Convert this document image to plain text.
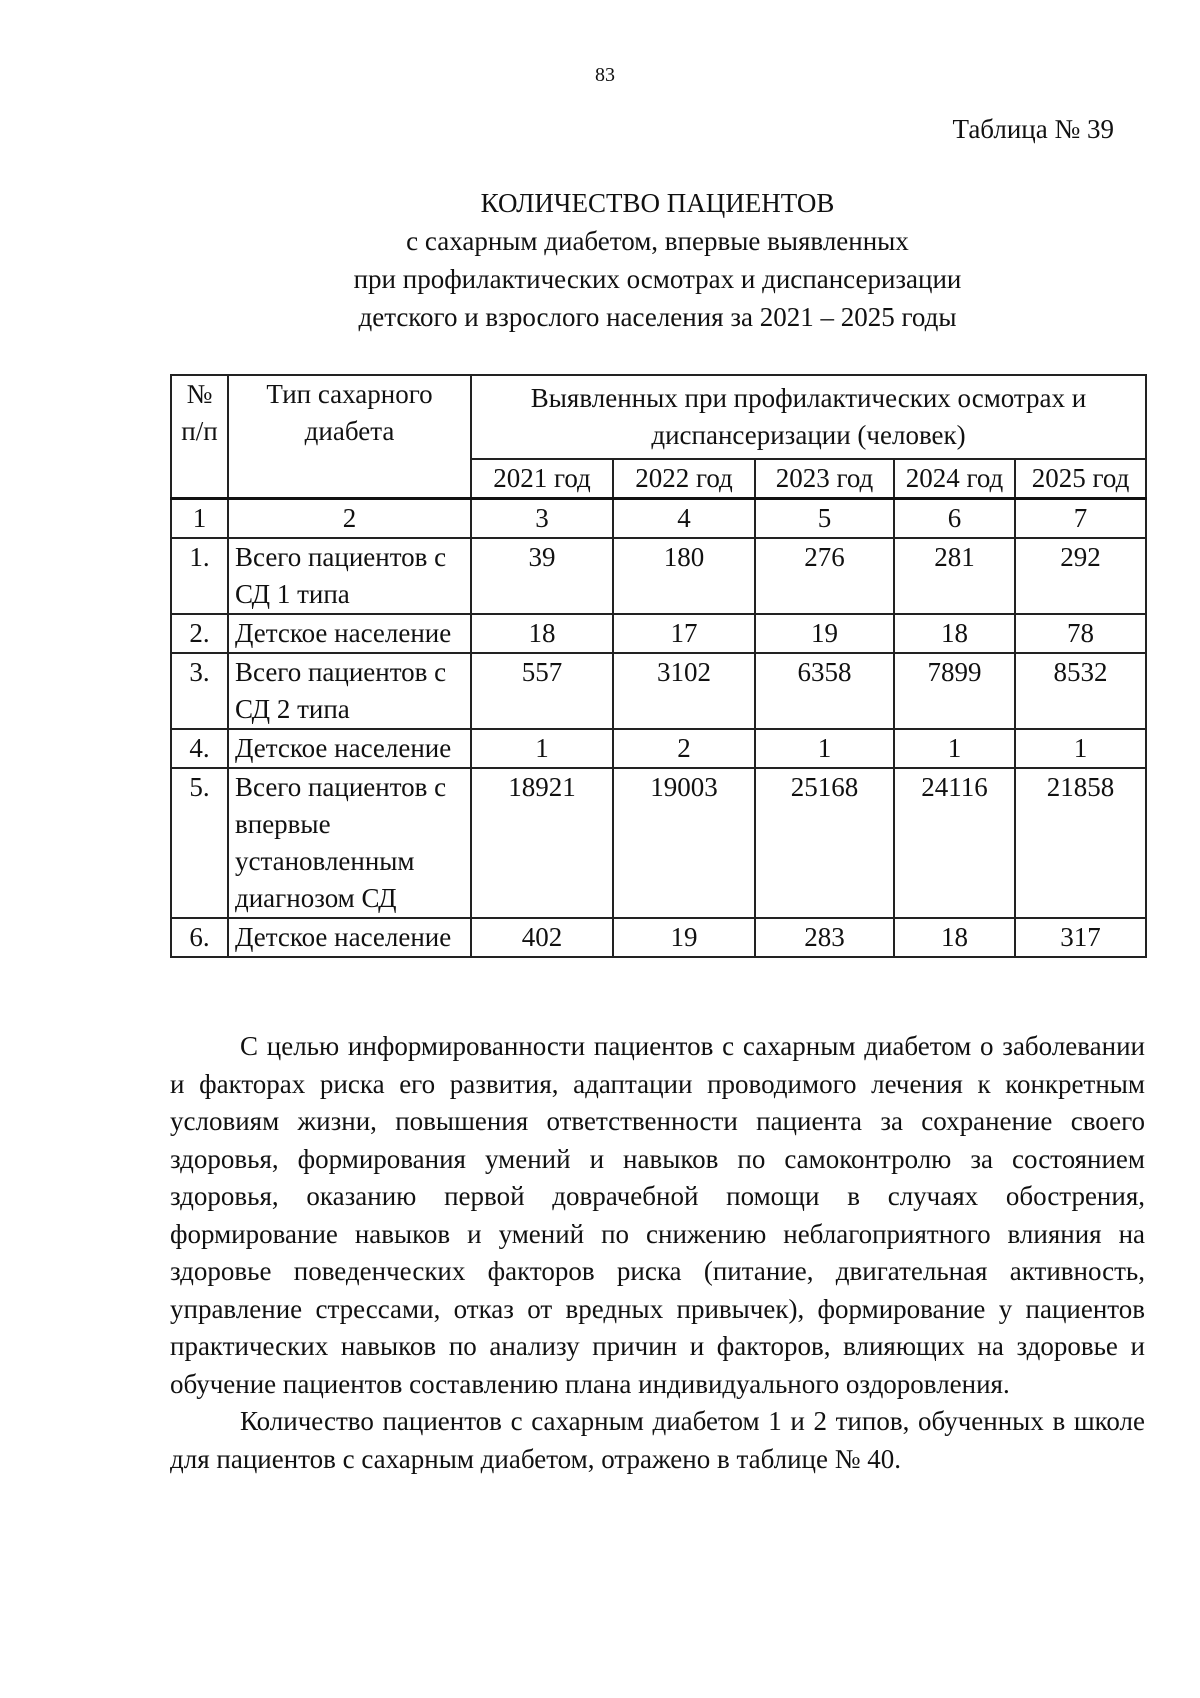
83
Таблица № 39
КОЛИЧЕСТВО ПАЦИЕНТОВ
с сахарным диабетом, впервые выявленных
при профилактических осмотрах и диспансеризации
детского и взрослого населения за 2021 – 2025 годы
№ п/п	Тип сахарного диабета	Выявленных при профилактических осмотрах и диспансеризации (человек)				
		2021 год	2022 год	2023 год	2024 год	2025 год
1	2	3	4	5	6	7
1.	Всего пациентов с СД 1 типа	39	180	276	281	292
2.	Детское население	18	17	19	18	78
3.	Всего пациентов с СД 2 типа	557	3102	6358	7899	8532
4.	Детское население	1	2	1	1	1
5.	Всего пациентов с впервые установленным диагнозом СД	18921	19003	25168	24116	21858
6.	Детское население	402	19	283	18	317

С целью информированности пациентов с сахарным диабетом о заболевании и факторах риска его развития, адаптации проводимого лечения к конкретным условиям жизни, повышения ответственности пациента за сохранение своего здоровья, формирования умений и навыков по самоконтролю за состоянием здоровья, оказанию первой доврачебной помощи в случаях обострения, формирование навыков и умений по снижению неблагоприятного влияния на здоровье поведенческих факторов риска (питание, двигательная активность, управление стрессами, отказ от вредных привычек), формирование у пациентов практических навыков по анализу причин и факторов, влияющих на здоровье и обучение пациентов составлению плана индивидуального оздоровления.

Количество пациентов с сахарным диабетом 1 и 2 типов, обученных в школе для пациентов с сахарным диабетом, отражено в таблице № 40.
